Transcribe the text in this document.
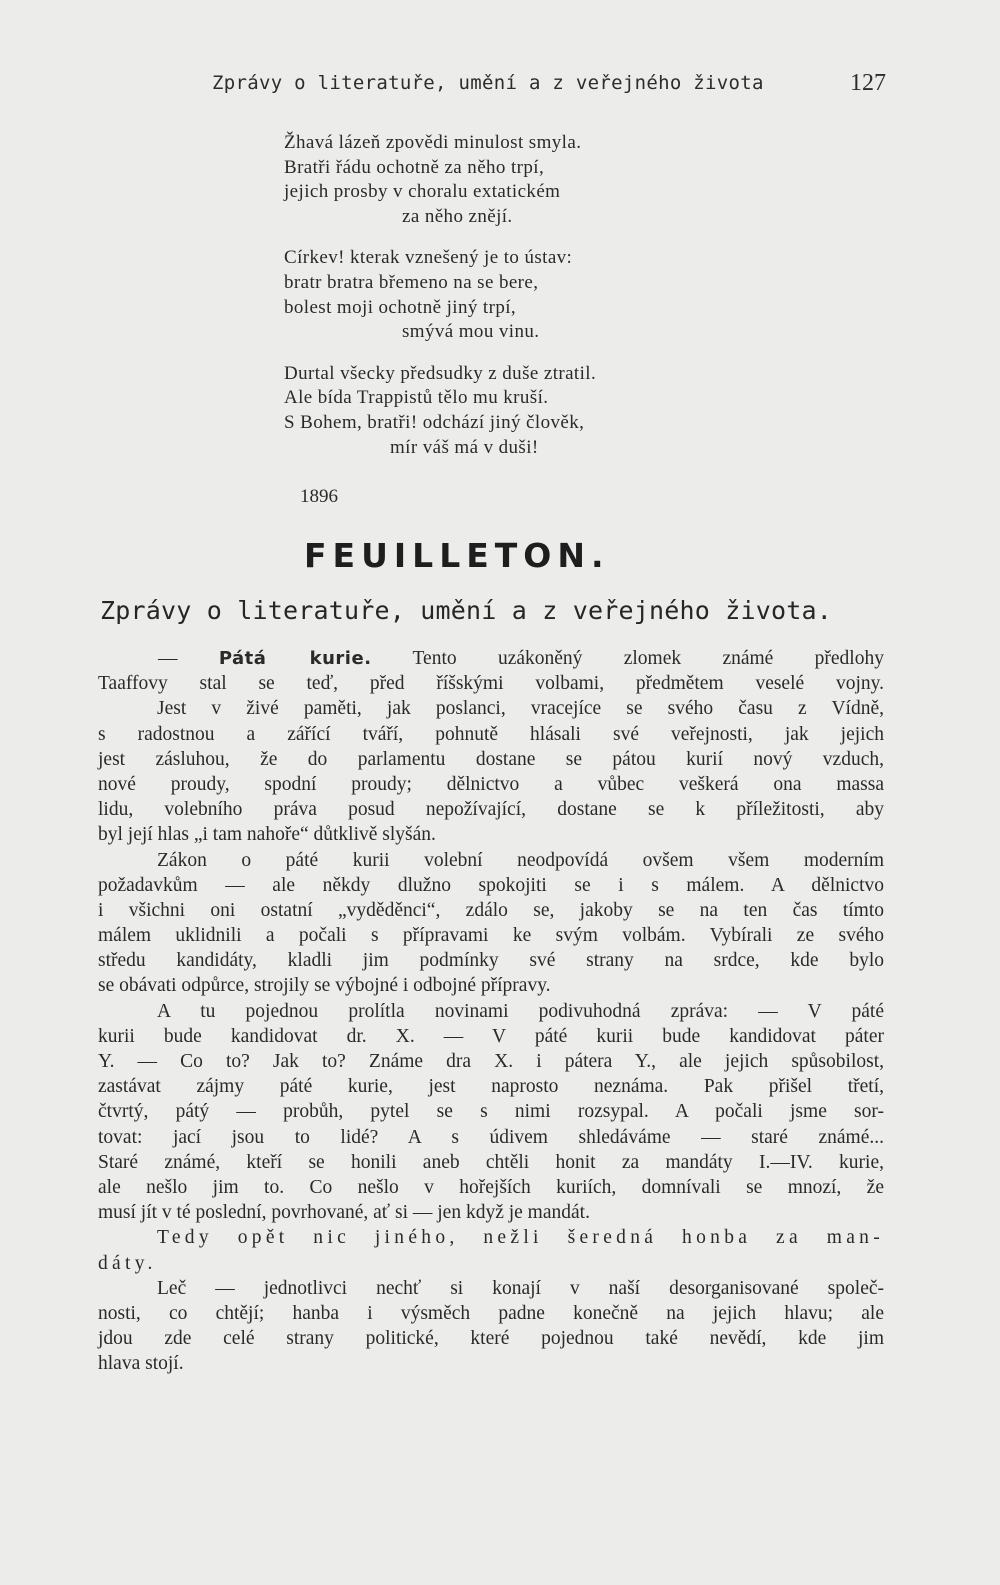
Zprávy o literatuře, umění a z veřejného života	127
Žhavá lázeň zpovědi minulost smyla.
Bratři řádu ochotně za něho trpí,
jejich prosby v choralu extatickém
za něho znějí.
Církev! kterak vznešený je to ústav:
bratr bratra břemeno na se bere,
bolest moji ochotně jiný trpí,
smývá mou vinu.
Durtal všecky předsudky z duše ztratil.
Ale bída Trappistů tělo mu kruší.
S Bohem, bratři! odchází jiný člověk,
mír váš má v duši!
1896
FEUILLETON.
Zprávy o literatuře, umění a z veřejného života.
— Pátá kurie. Tento uzákoněný zlomek známé předlohy
Taaffovy stal se teď, před říšskými volbami, předmětem veselé vojny.
Jest v živé paměti, jak poslanci, vracejíce se svého času z Vídně,
s radostnou a zářící tváří, pohnutě hlásali své veřejnosti, jak jejich
jest zásluhou, že do parlamentu dostane se pátou kurií nový vzduch,
nové proudy, spodní proudy; dělnictvo a vůbec veškerá ona massa
lidu, volebního práva posud nepožívající, dostane se k příležitosti, aby
byl její hlas „i tam nahoře“ důtklivě slyšán.
Zákon o páté kurii volební neodpovídá ovšem všem moderním
požadavkům — ale někdy dlužno spokojiti se i s málem. A dělnictvo
i všichni oni ostatní „vyděděnci“, zdálo se, jakoby se na ten čas tímto
málem uklidnili a počali s přípravami ke svým volbám. Vybírali ze svého
středu kandidáty, kladli jim podmínky své strany na srdce, kde bylo
se obávati odpůrce, strojily se výbojné i odbojné přípravy.
A tu pojednou prolítla novinami podivuhodná zpráva: — V páté
kurii bude kandidovat dr. X. — V páté kurii bude kandidovat páter
Y. — Co to? Jak to? Známe dra X. i pátera Y., ale jejich spůsobilost,
zastávat zájmy páté kurie, jest naprosto neznáma. Pak přišel třetí,
čtvrtý, pátý — probůh, pytel se s nimi rozsypal. A počali jsme sor-
tovat: jací jsou to lidé? A s údivem shledáváme — staré známé...
Staré známé, kteří se honili aneb chtěli honit za mandáty I.—IV. kurie,
ale nešlo jim to. Co nešlo v hořejších kuriích, domnívali se mnozí, že
musí jít v té poslední, povrhované, ať si — jen když je mandát.
Tedy opět nic jiného, nežli šeredná honba za man-
dáty.
Leč — jednotlivci nechť si konají v naší desorganisované společ-
nosti, co chtějí; hanba i výsměch padne konečně na jejich hlavu; ale
jdou zde celé strany politické, které pojednou také nevědí, kde jim
hlava stojí.
